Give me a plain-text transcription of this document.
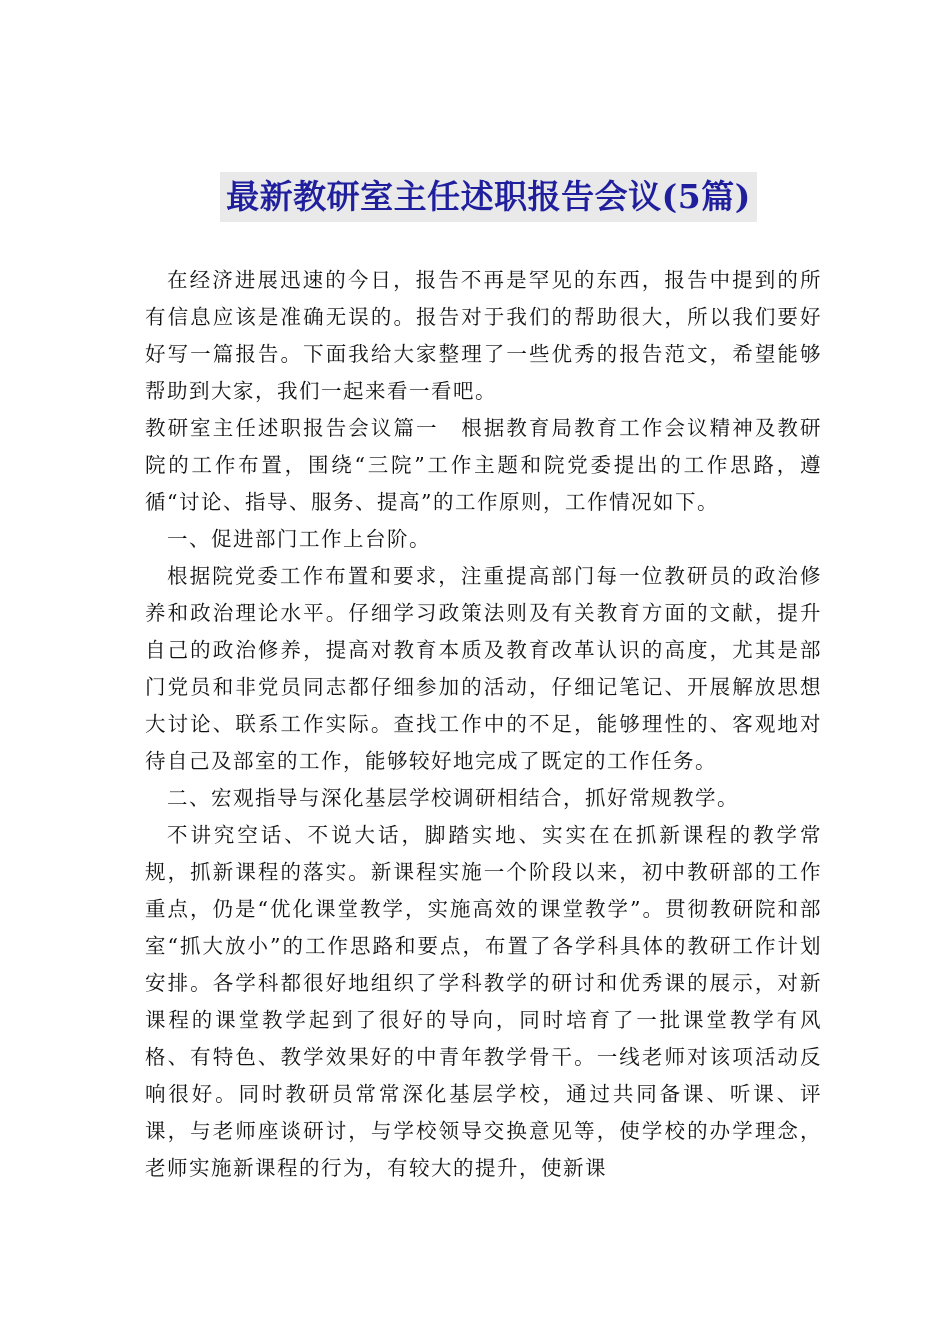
最新教研室主任述职报告会议(5篇)

在经济进展迅速的今日，报告不再是罕见的东西，报告中提到的所有信息应该是准确无误的。报告对于我们的帮助很大，所以我们要好好写一篇报告。下面我给大家整理了一些优秀的报告范文，希望能够帮助到大家，我们一起来看一看吧。

教研室主任述职报告会议篇一　根据教育局教育工作会议精神及教研院的工作布置，围绕“三院”工作主题和院党委提出的工作思路，遵循“讨论、指导、服务、提高”的工作原则，工作情况如下。

一、促进部门工作上台阶。

根据院党委工作布置和要求，注重提高部门每一位教研员的政治修养和政治理论水平。仔细学习政策法则及有关教育方面的文献，提升自己的政治修养，提高对教育本质及教育改革认识的高度，尤其是部门党员和非党员同志都仔细参加的活动，仔细记笔记、开展解放思想大讨论、联系工作实际。查找工作中的不足，能够理性的、客观地对待自己及部室的工作，能够较好地完成了既定的工作任务。

二、宏观指导与深化基层学校调研相结合，抓好常规教学。

不讲究空话、不说大话，脚踏实地、实实在在抓新课程的教学常规，抓新课程的落实。新课程实施一个阶段以来，初中教研部的工作重点，仍是“优化课堂教学，实施高效的课堂教学”。贯彻教研院和部室“抓大放小”的工作思路和要点，布置了各学科具体的教研工作计划安排。各学科都很好地组织了学科教学的研讨和优秀课的展示，对新课程的课堂教学起到了很好的导向，同时培育了一批课堂教学有风格、有特色、教学效果好的中青年教学骨干。一线老师对该项活动反响很好。同时教研员常常深化基层学校，通过共同备课、听课、评课，与老师座谈研讨，与学校领导交换意见等，使学校的办学理念，老师实施新课程的行为，有较大的提升，使新课
